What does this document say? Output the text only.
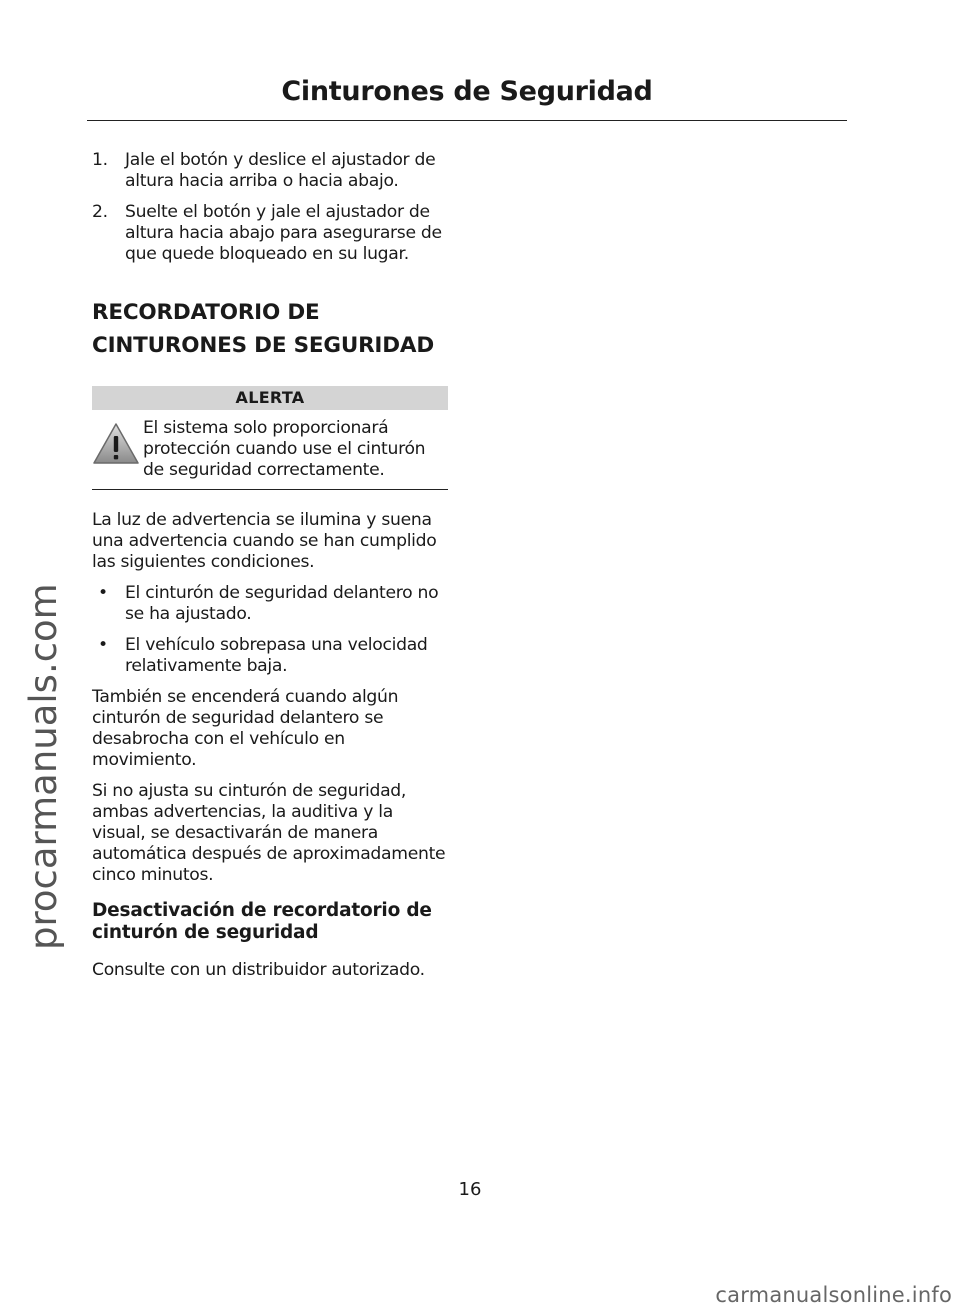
Cinturones de Seguridad
procarmanuals.com
1. Jale el botón y deslice el ajustador de altura hacia arriba o hacia abajo.
2. Suelte el botón y jale el ajustador de altura hacia abajo para asegurarse de que quede bloqueado en su lugar.
RECORDATORIO DE
CINTURONES DE SEGURIDAD
ALERTA
El sistema solo proporcionará protección cuando use el cinturón de seguridad correctamente.

La luz de advertencia se ilumina y suena una advertencia cuando se han cumplido las siguientes condiciones.

• El cinturón de seguridad delantero no se ha ajustado.
• El vehículo sobrepasa una velocidad relativamente baja.

También se encenderá cuando algún cinturón de seguridad delantero se desabrocha con el vehículo en movimiento.

Si no ajusta su cinturón de seguridad, ambas advertencias, la auditiva y la visual, se desactivarán de manera automática después de aproximadamente cinco minutos.

Desactivación de recordatorio de cinturón de seguridad

Consulte con un distribuidor autorizado.

16
carmanualsonline.info
